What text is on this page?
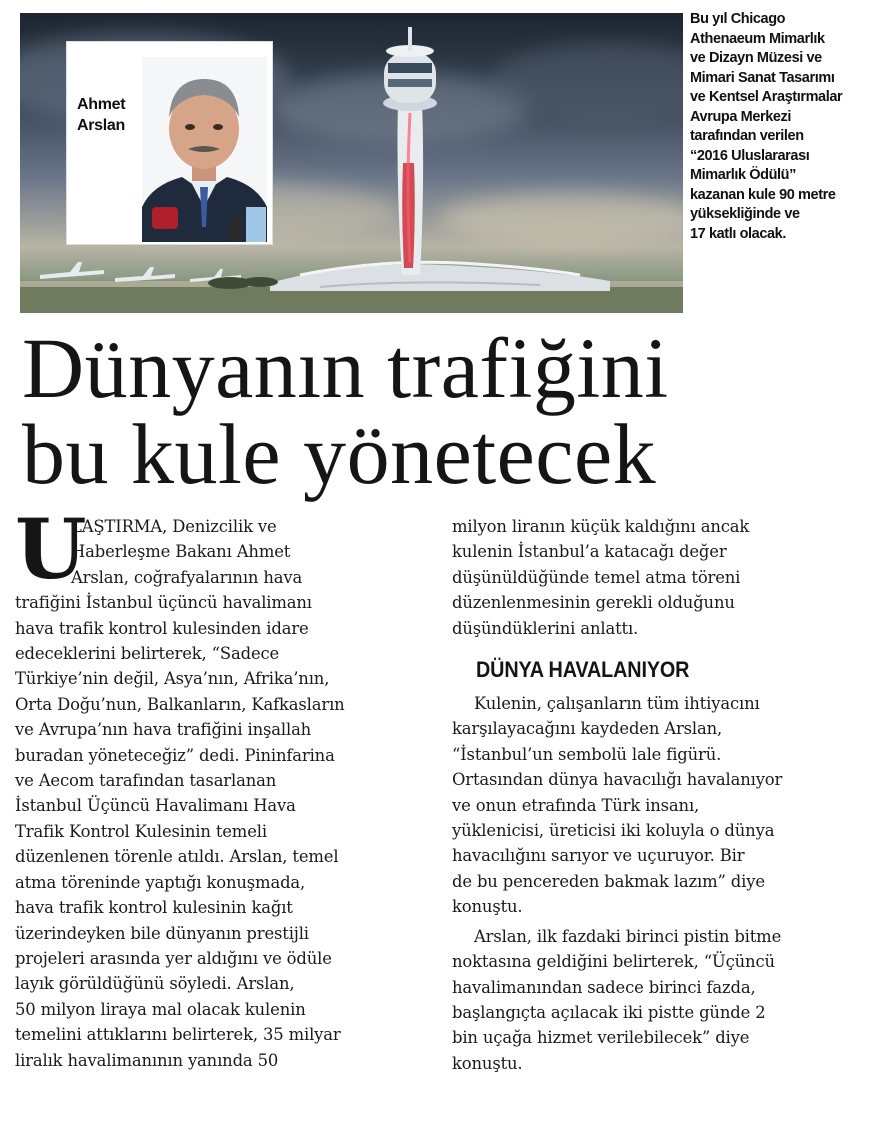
Ahmet
Arslan
Bu yıl Chicago
Athenaeum Mimarlık
ve Dizayn Müzesi ve
Mimari Sanat Tasarımı
ve Kentsel Araştırmalar
Avrupa Merkezi
tarafından verilen
“2016 Uluslararası
Mimarlık Ödülü”
kazanan kule 90 metre
yüksekliğinde ve
17 katlı olacak.
Dünyanın trafiğini
bu kule yönetecek
U
LAŞTIRMA, Denizcilik ve
Haberleşme Bakanı Ahmet
Arslan, coğrafyalarının hava
trafiğini İstanbul üçüncü havalimanı
hava trafik kontrol kulesinden idare
edeceklerini belirterek, “Sadece
Türkiye’nin değil, Asya’nın, Afrika’nın,
Orta Doğu’nun, Balkanların, Kafkasların
ve Avrupa’nın hava trafiğini inşallah
buradan yöneteceğiz” dedi. Pininfarina
ve Aecom tarafından tasarlanan
İstanbul Üçüncü Havalimanı Hava
Trafik Kontrol Kulesinin temeli
düzenlenen törenle atıldı. Arslan, temel
atma töreninde yaptığı konuşmada,
hava trafik kontrol kulesinin kağıt
üzerindeyken bile dünyanın prestijli
projeleri arasında yer aldığını ve ödüle
layık görüldüğünü söyledi. Arslan,
50 milyon liraya mal olacak kulenin
temelini attıklarını belirterek, 35 milyar
liralık havalimanının yanında 50
milyon liranın küçük kaldığını ancak
kulenin İstanbul’a katacağı değer
düşünüldüğünde temel atma töreni
düzenlenmesinin gerekli olduğunu
düşündüklerini anlattı.
DÜNYA HAVALANIYOR
Kulenin, çalışanların tüm ihtiyacını
karşılayacağını kaydeden Arslan,
“İstanbul’un sembolü lale figürü.
Ortasından dünya havacılığı havalanıyor
ve onun etrafında Türk insanı,
yüklenicisi, üreticisi iki koluyla o dünya
havacılığını sarıyor ve uçuruyor. Bir
de bu pencereden bakmak lazım” diye
konuştu.
Arslan, ilk fazdaki birinci pistin bitme
noktasına geldiğini belirterek, “Üçüncü
havalimanından sadece birinci fazda,
başlangıçta açılacak iki pistte günde 2
bin uçağa hizmet verilebilecek” diye
konuştu.
